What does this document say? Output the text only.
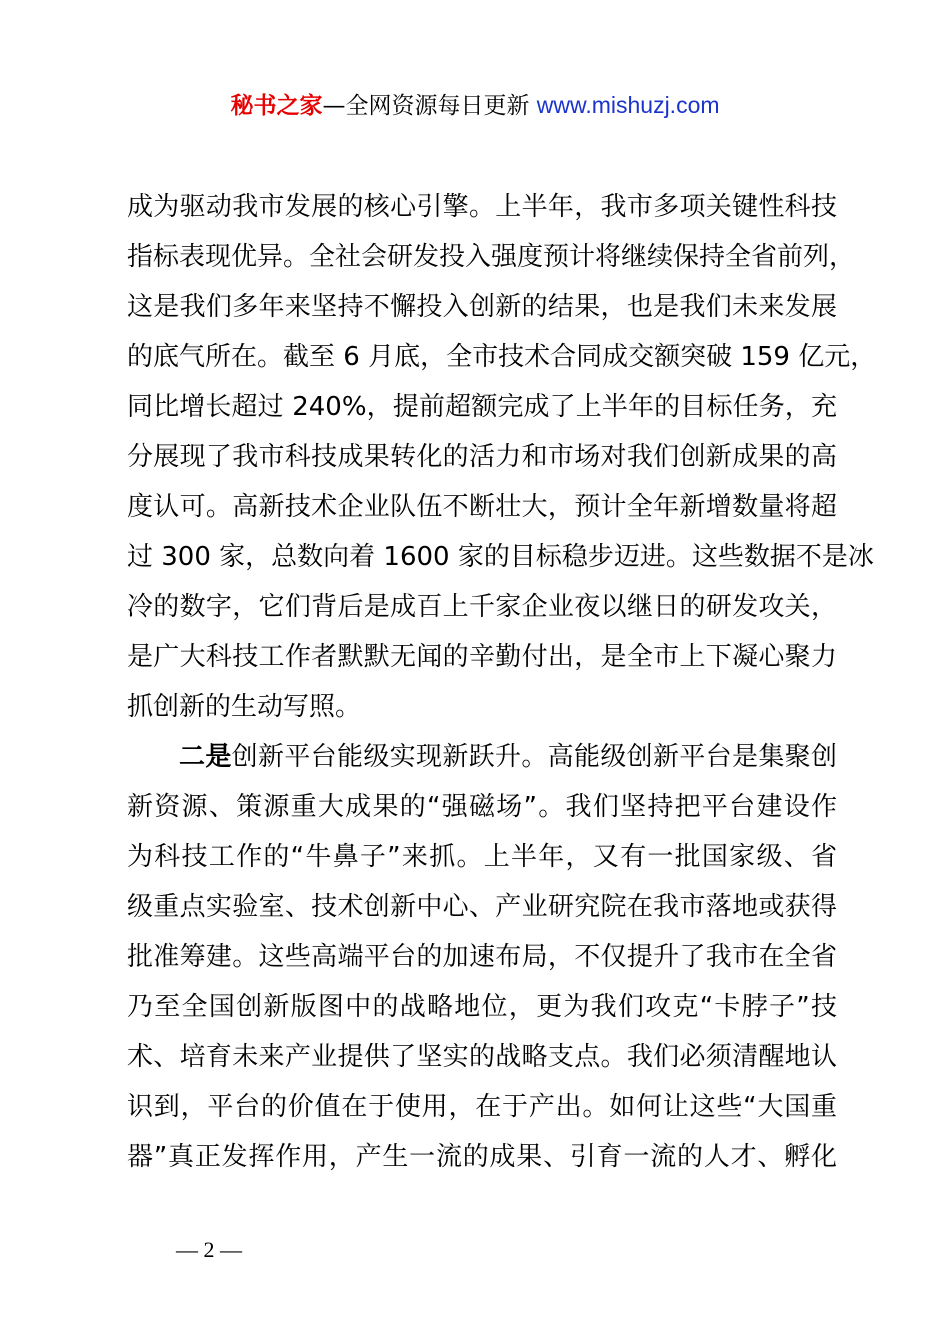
秘书之家—全网资源每日更新 www.mishuzj.com
成为驱动我市发展的核心引擎。上半年，我市多项关键性科技
指标表现优异。全社会研发投入强度预计将继续保持全省前列，
这是我们多年来坚持不懈投入创新的结果，也是我们未来发展
的底气所在。截至 6 月底，全市技术合同成交额突破 159 亿元，
同比增长超过 240%，提前超额完成了上半年的目标任务，充
分展现了我市科技成果转化的活力和市场对我们创新成果的高
度认可。高新技术企业队伍不断壮大，预计全年新增数量将超
过 300 家，总数向着 1600 家的目标稳步迈进。这些数据不是冰
冷的数字，它们背后是成百上千家企业夜以继日的研发攻关，
是广大科技工作者默默无闻的辛勤付出，是全市上下凝心聚力
抓创新的生动写照。
二是创新平台能级实现新跃升。高能级创新平台是集聚创
新资源、策源重大成果的“强磁场”。我们坚持把平台建设作
为科技工作的“牛鼻子”来抓。上半年，又有一批国家级、省
级重点实验室、技术创新中心、产业研究院在我市落地或获得
批准筹建。这些高端平台的加速布局，不仅提升了我市在全省
乃至全国创新版图中的战略地位，更为我们攻克“卡脖子”技
术、培育未来产业提供了坚实的战略支点。我们必须清醒地认
识到，平台的价值在于使用，在于产出。如何让这些“大国重
器”真正发挥作用，产生一流的成果、引育一流的人才、孵化
— 2 —
